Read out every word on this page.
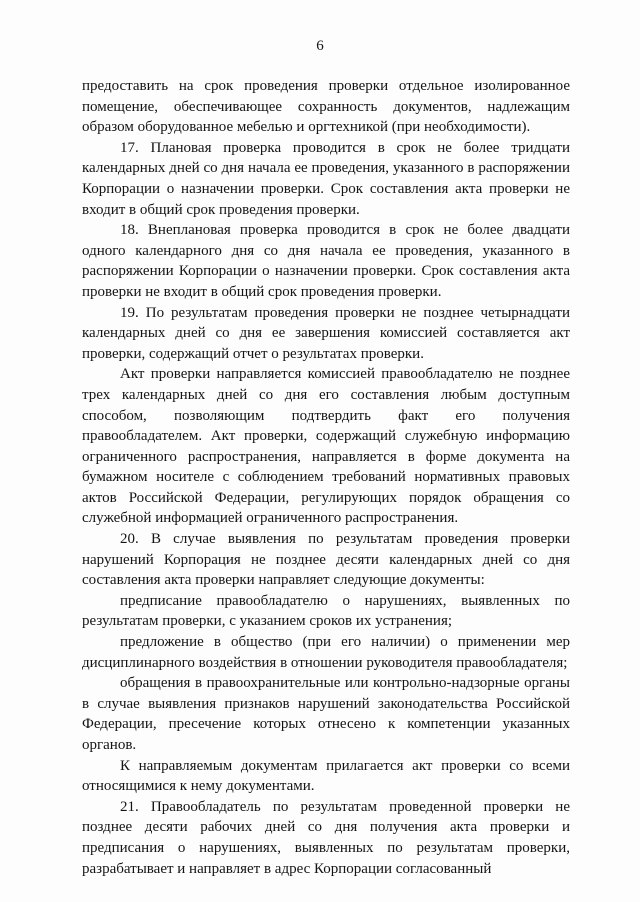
6

предоставить на срок проведения проверки отдельное изолированное помещение, обеспечивающее сохранность документов, надлежащим образом оборудованное мебелью и оргтехникой (при необходимости).

17. Плановая проверка проводится в срок не более тридцати календарных дней со дня начала ее проведения, указанного в распоряжении Корпорации о назначении проверки. Срок составления акта проверки не входит в общий срок проведения проверки.

18. Внеплановая проверка проводится в срок не более двадцати одного календарного дня со дня начала ее проведения, указанного в распоряжении Корпорации о назначении проверки. Срок составления акта проверки не входит в общий срок проведения проверки.

19. По результатам проведения проверки не позднее четырнадцати календарных дней со дня ее завершения комиссией составляется акт проверки, содержащий отчет о результатах проверки.

Акт проверки направляется комиссией правообладателю не позднее трех календарных дней со дня его составления любым доступным способом, позволяющим подтвердить факт его получения правообладателем. Акт проверки, содержащий служебную информацию ограниченного распространения, направляется в форме документа на бумажном носителе с соблюдением требований нормативных правовых актов Российской Федерации, регулирующих порядок обращения со служебной информацией ограниченного распространения.

20. В случае выявления по результатам проведения проверки нарушений Корпорация не позднее десяти календарных дней со дня составления акта проверки направляет следующие документы:

предписание правообладателю о нарушениях, выявленных по результатам проверки, с указанием сроков их устранения;

предложение в общество (при его наличии) о применении мер дисциплинарного воздействия в отношении руководителя правообладателя;

обращения в правоохранительные или контрольно-надзорные органы в случае выявления признаков нарушений законодательства Российской Федерации, пресечение которых отнесено к компетенции указанных органов.

К направляемым документам прилагается акт проверки со всеми относящимися к нему документами.

21. Правообладатель по результатам проведенной проверки не позднее десяти рабочих дней со дня получения акта проверки и предписания о нарушениях, выявленных по результатам проверки, разрабатывает и направляет в адрес Корпорации согласованный
